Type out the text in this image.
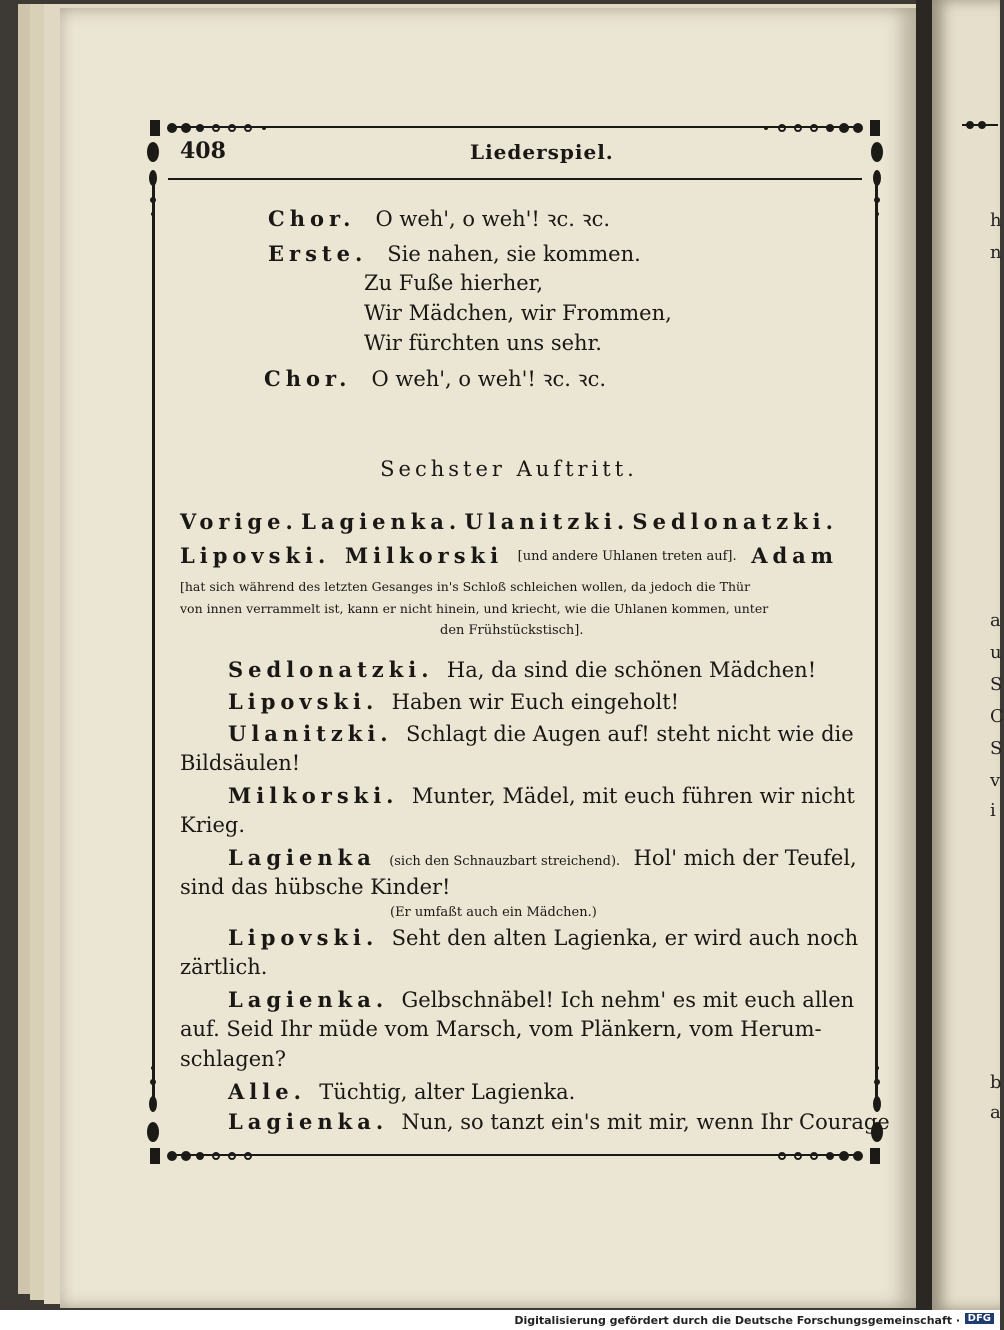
h
n
a
u
S
C
S
v
i
b
a
408	Liederspiel.
Chor. O weh', o weh'! ꝛc. ꝛc.
Erste. Sie nahen, sie kommen.
Zu Fuße hierher,
Wir Mädchen, wir Frommen,
Wir fürchten uns sehr.
Chor. O weh', o weh'! ꝛc. ꝛc.
Sechster Auftritt.
Vorige. Lagienka. Ulanitzki. Sedlonatzki.
Lipovski. Milkorski [und andere Uhlanen treten auf]. Adam
[hat sich während des letzten Gesanges in's Schloß schleichen wollen, da jedoch die Thür
von innen verrammelt ist, kann er nicht hinein, und kriecht, wie die Uhlanen kommen, unter
den Frühstückstisch].
Sedlonatzki. Ha, da sind die schönen Mädchen!
Lipovski. Haben wir Euch eingeholt!
Ulanitzki. Schlagt die Augen auf! steht nicht wie die
Bildsäulen!
Milkorski. Munter, Mädel, mit euch führen wir nicht
Krieg.
Lagienka (sich den Schnauzbart streichend). Hol' mich der Teufel,
sind das hübsche Kinder!
(Er umfaßt auch ein Mädchen.)
Lipovski. Seht den alten Lagienka, er wird auch noch
zärtlich.
Lagienka. Gelbschnäbel! Ich nehm' es mit euch allen
auf. Seid Ihr müde vom Marsch, vom Plänkern, vom Herum-
schlagen?
Alle. Tüchtig, alter Lagienka.
Lagienka. Nun, so tanzt ein's mit mir, wenn Ihr Courage
Digitalisierung gefördert durch die Deutsche Forschungsgemeinschaft · DFG
